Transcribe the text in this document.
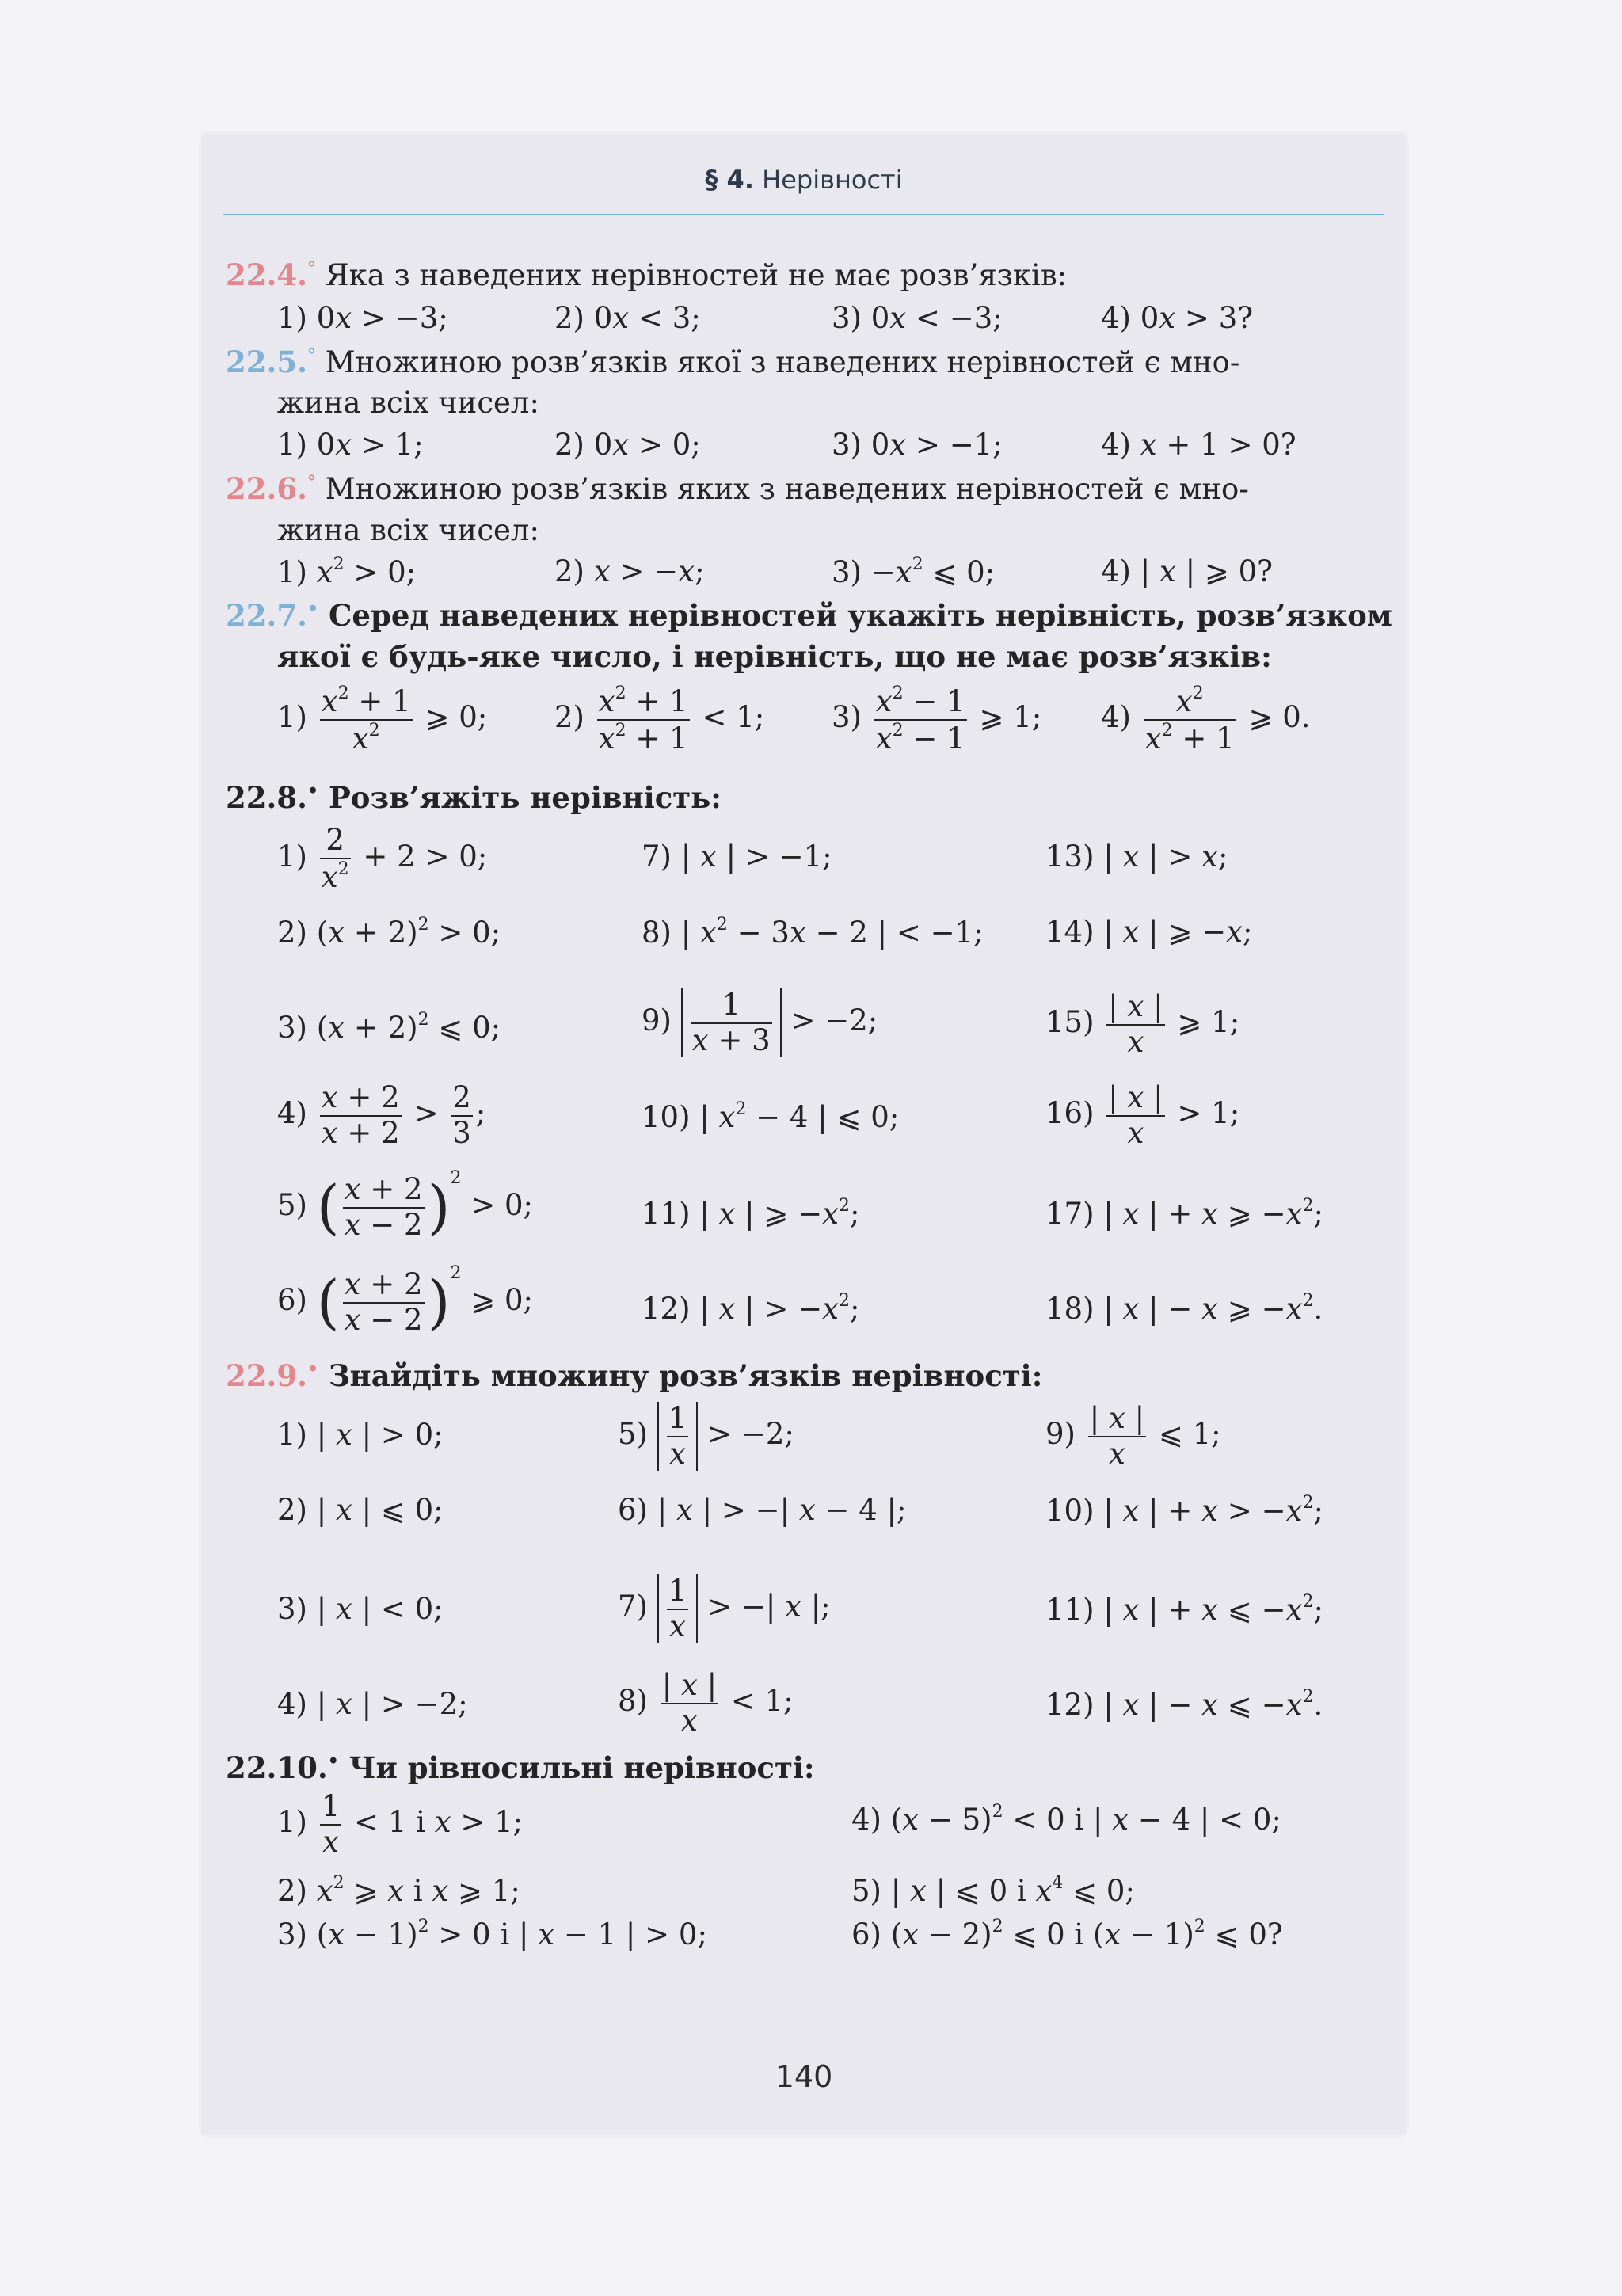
§ 4. Нерівності
22.4.° Яка з наведених нерівностей не має розв’язків:
1) 0x > −3;	2) 0x < 3;	3) 0x < −3;	4) 0x > 3?
22.5.° Множиною розв’язків якої з наведених нерівностей є мно-
жина всіх чисел:
1) 0x > 1;	2) 0x > 0;	3) 0x > −1;	4) x + 1 > 0?
22.6.° Множиною розв’язків яких з наведених нерівностей є мно-
жина всіх чисел:
1) $x^2 > 0$;	2) x > −x;	$3) -x^2$ ⩽ 0;	4) | x | ⩾ 0?
22.7.• Серед наведених нерівностей укажіть нерівність, розв’язком
якої є будь-яке число, і нерівність, що не має розв’язків:
$1) \frac{x^2 + 1}{x^2}$ ⩾ 0; $2) \frac{x^2 + 1}{x^2 + 1} < 1$; $3) \frac{x^2 - 1}{x^2 - 1}$ ⩾ 1; $4) \frac{x^2}{x^2 + 1}$ ⩾ 0.
22.8.• Розв’яжіть нерівність:
$1) \frac{2}{x^2} + 2 > 0$;	7) | x | > −1;	13) | x | > x;
2) $(x + 2)^2 > 0$;	8) | $x^2 - 3x - 2$ | < −1; 14) | x | ⩾ −x;
3) $(x + 2)^2$ ⩽ 0;	$9) \frac{1}{x + 3} > -2$;	$15) \frac{| x |}{x}$ ⩾ 1;
$4) \frac{x + 2}{x + 2} > \frac{2}{3}$ ;	10) | $x^2 - 4$ | ⩽ 0;	$16) \frac{| x |}{x} > 1$;
5) ( $\frac{x + 2}{x - 2} )^2 > 0$;	11) | x | ⩾ $-x^2$;	17) | x | + x ⩾ $-x^2$;
6) ( $\frac{x + 2}{x - 2} )^2$ ⩾ 0;	12) | x | > $-x^2$;	18) | x | − x ⩾ $-x^2$.
22.9.• Знайдіть множину розв’язків нерівності:
1) | x | > 0;	$5) \frac{1}{x} > -2$;	$9) \frac{| x |}{x}$ ⩽ 1;
2) | x | ⩽ 0;	6) | x | > −| x − 4 |;	10) | x | + $x > -x^2$;
3) | x | < 0;	$7) \frac{1}{x}$ > −| x |;	11) | x | + x ⩽ $-x^2$;
4) | x | > −2;	$8) \frac{| x |}{x} < 1$;	12) | x | − x ⩽ $-x^2$.
22.10.• Чи рівносильні нерівності:
$1) \frac{1}{x} < 1$ і x > 1;	4) $(x - 5)^2 < 0$ і | x − 4 | < 0;
2) $x^2$ ⩾ x і x ⩾ 1;	5) | x | ⩽ 0 і $x^4$ ⩽ 0;
3) $(x - 1)^2 > 0$ і | x − 1 | > 0;	6) $(x - 2)^2$ ⩽ 0 і $(x - 1)^2$ ⩽ 0?
140
